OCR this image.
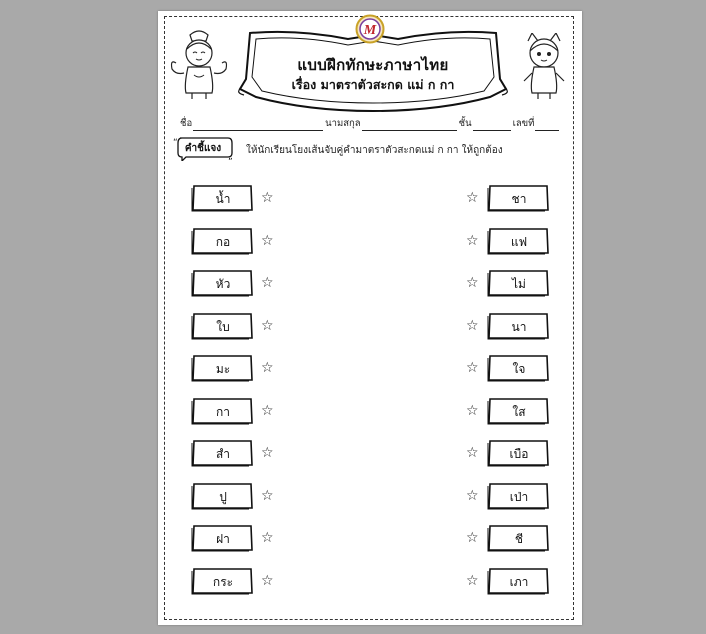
แบบฝึกทักษะภาษาไทย
เรื่อง มาตราตัวสะกด แม่ ก กา
M
ชื่อ	นามสกุล	ชั้น	เลขที่
“
„
คำชี้แจง	ให้นักเรียนโยงเส้นจับคู่คำมาตราตัวสะกดแม่ ก กา ให้ถูกต้อง
น้ำ	☆	☆	ชา
กอ	☆	☆	แฟ
หัว	☆	☆	ไม่
ใบ	☆	☆	นา
มะ	☆	☆	ใจ
กา	☆	☆	ใส
สำ	☆	☆	เบือ
ปู	☆	☆	เป่า
ฝา	☆	☆	ชี
กระ	☆	☆	เภา
